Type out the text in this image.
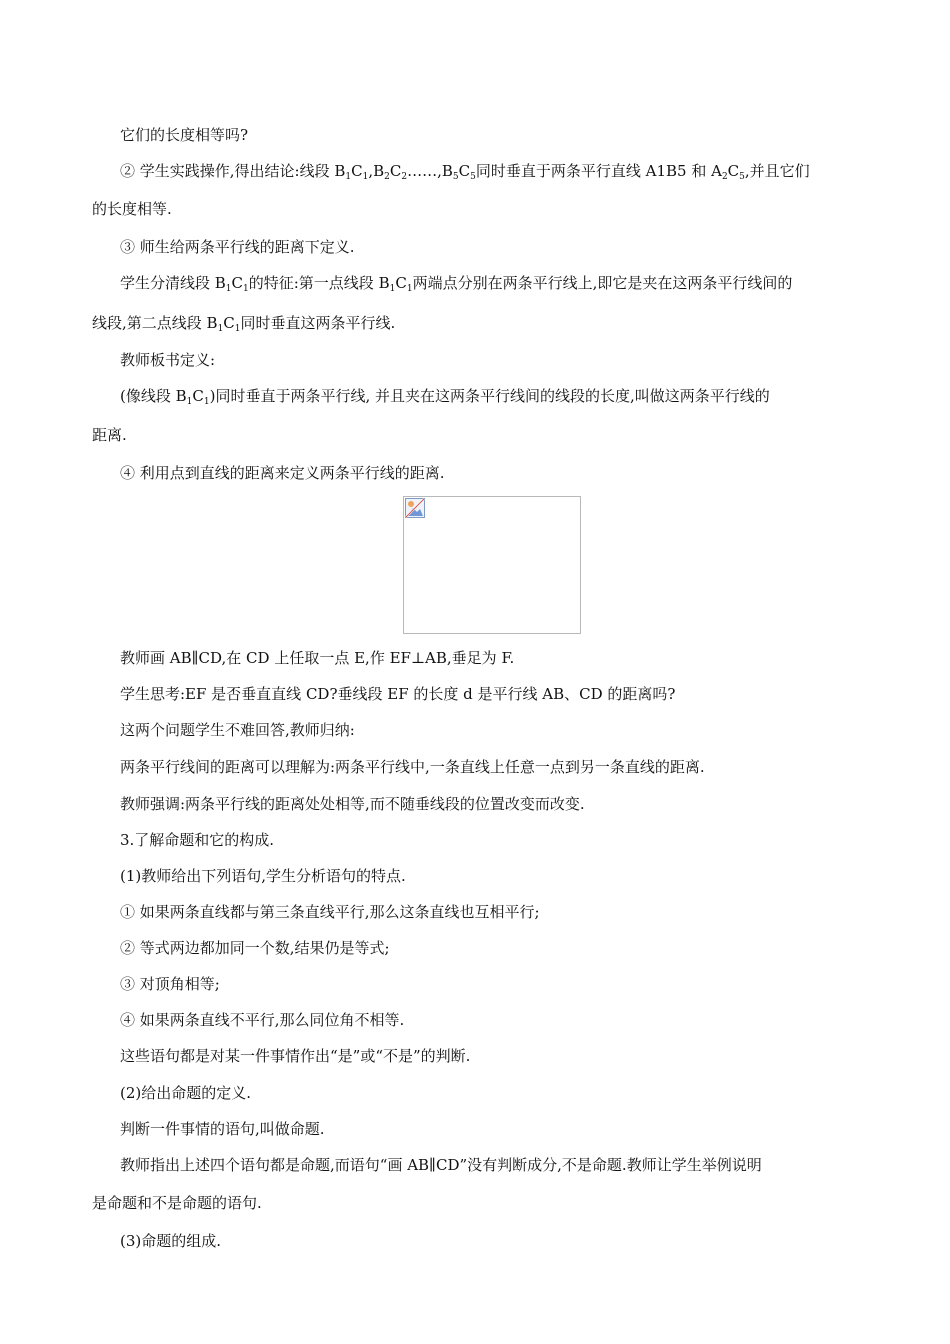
它们的长度相等吗?
② 学生实践操作,得出结论:线段 $B_1C_1,B_2C_2\dots\dots,B_5C_5$同时垂直于两条平行直线 A1B5 和 $A_2C_5$,并且它们
的长度相等.
③ 师生给两条平行线的距离下定义.
学生分清线段 $B_1C_1$的特征:第一点线段 $B_1C_1$两端点分别在两条平行线上,即它是夹在这两条平行线间的
线段,第二点线段 $B_1C_1$同时垂直这两条平行线.
教师板书定义:
(像线段 $B_1C_1$)同时垂直于两条平行线, 并且夹在这两条平行线间的线段的长度,叫做这两条平行线的
距离.
④ 利用点到直线的距离来定义两条平行线的距离.
教师画 AB∥CD,在 CD 上任取一点 E,作 EF⊥AB,垂足为 F.
学生思考:EF 是否垂直直线 CD?垂线段 EF 的长度 d 是平行线 AB、CD 的距离吗?
这两个问题学生不难回答,教师归纳:
两条平行线间的距离可以理解为:两条平行线中,一条直线上任意一点到另一条直线的距离.
教师强调:两条平行线的距离处处相等,而不随垂线段的位置改变而改变.
3.了解命题和它的构成.
(1)教师给出下列语句,学生分析语句的特点.
① 如果两条直线都与第三条直线平行,那么这条直线也互相平行;
② 等式两边都加同一个数,结果仍是等式;
③ 对顶角相等;
④ 如果两条直线不平行,那么同位角不相等.
这些语句都是对某一件事情作出“是”或“不是”的判断.
(2)给出命题的定义.
判断一件事情的语句,叫做命题.
教师指出上述四个语句都是命题,而语句“画 AB∥CD”没有判断成分,不是命题.教师让学生举例说明
是命题和不是命题的语句.
(3)命题的组成.
